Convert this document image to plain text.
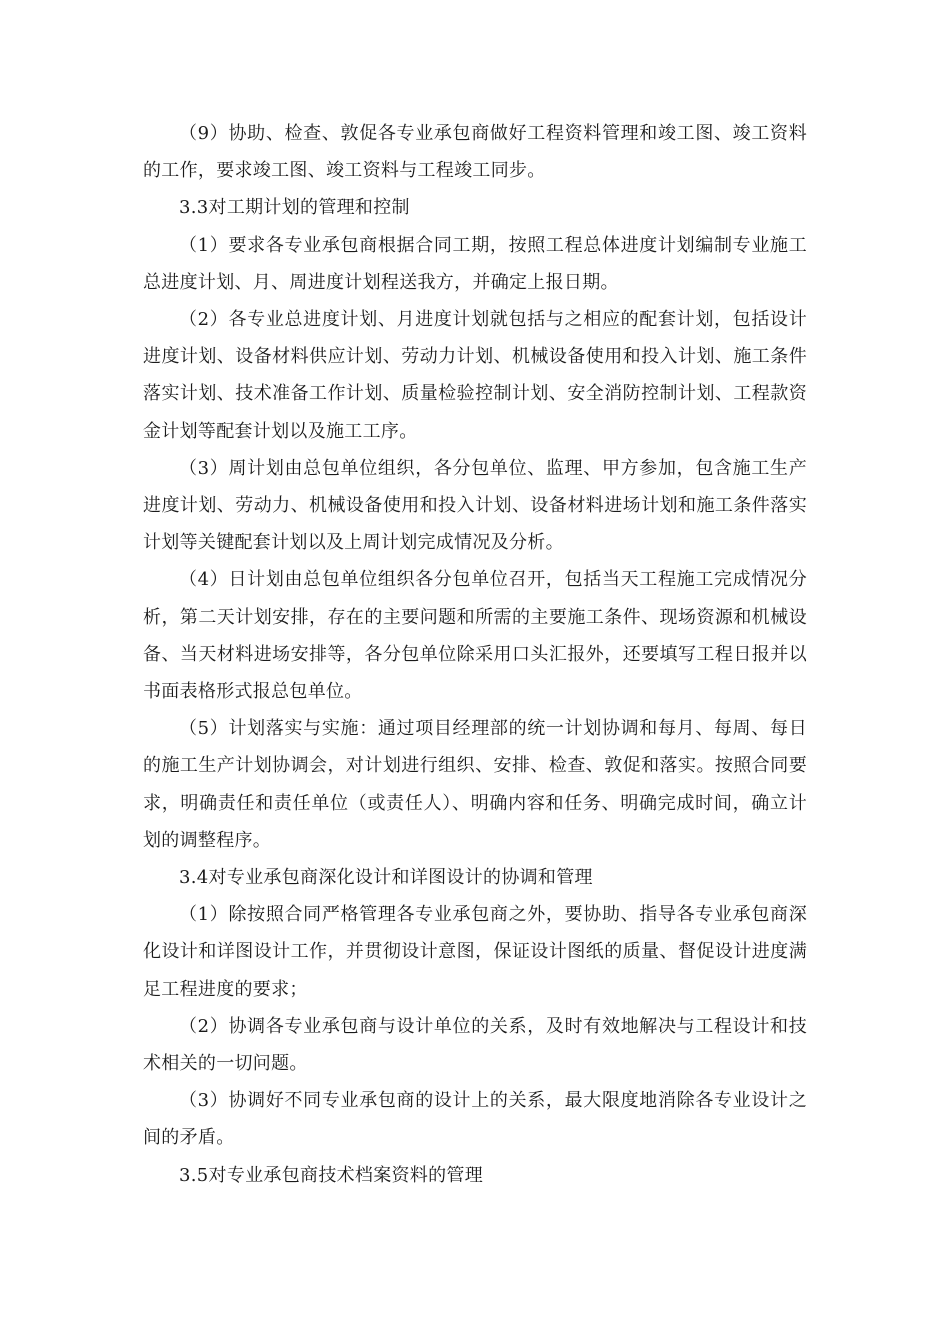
（9）协助、检查、敦促各专业承包商做好工程资料管理和竣工图、竣工资料的工作，要求竣工图、竣工资料与工程竣工同步。

3.3对工期计划的管理和控制

（1）要求各专业承包商根据合同工期，按照工程总体进度计划编制专业施工总进度计划、月、周进度计划程送我方，并确定上报日期。

（2）各专业总进度计划、月进度计划就包括与之相应的配套计划，包括设计进度计划、设备材料供应计划、劳动力计划、机械设备使用和投入计划、施工条件落实计划、技术准备工作计划、质量检验控制计划、安全消防控制计划、工程款资金计划等配套计划以及施工工序。

（3）周计划由总包单位组织，各分包单位、监理、甲方参加，包含施工生产进度计划、劳动力、机械设备使用和投入计划、设备材料进场计划和施工条件落实计划等关键配套计划以及上周计划完成情况及分析。

（4）日计划由总包单位组织各分包单位召开，包括当天工程施工完成情况分析，第二天计划安排，存在的主要问题和所需的主要施工条件、现场资源和机械设备、当天材料进场安排等，各分包单位除采用口头汇报外，还要填写工程日报并以书面表格形式报总包单位。

（5）计划落实与实施：通过项目经理部的统一计划协调和每月、每周、每日的施工生产计划协调会，对计划进行组织、安排、检查、敦促和落实。按照合同要求，明确责任和责任单位（或责任人）、明确内容和任务、明确完成时间，确立计划的调整程序。

3.4对专业承包商深化设计和详图设计的协调和管理

（1）除按照合同严格管理各专业承包商之外，要协助、指导各专业承包商深化设计和详图设计工作，并贯彻设计意图，保证设计图纸的质量、督促设计进度满足工程进度的要求；

（2）协调各专业承包商与设计单位的关系，及时有效地解决与工程设计和技术相关的一切问题。

（3）协调好不同专业承包商的设计上的关系，最大限度地消除各专业设计之间的矛盾。

3.5对专业承包商技术档案资料的管理
